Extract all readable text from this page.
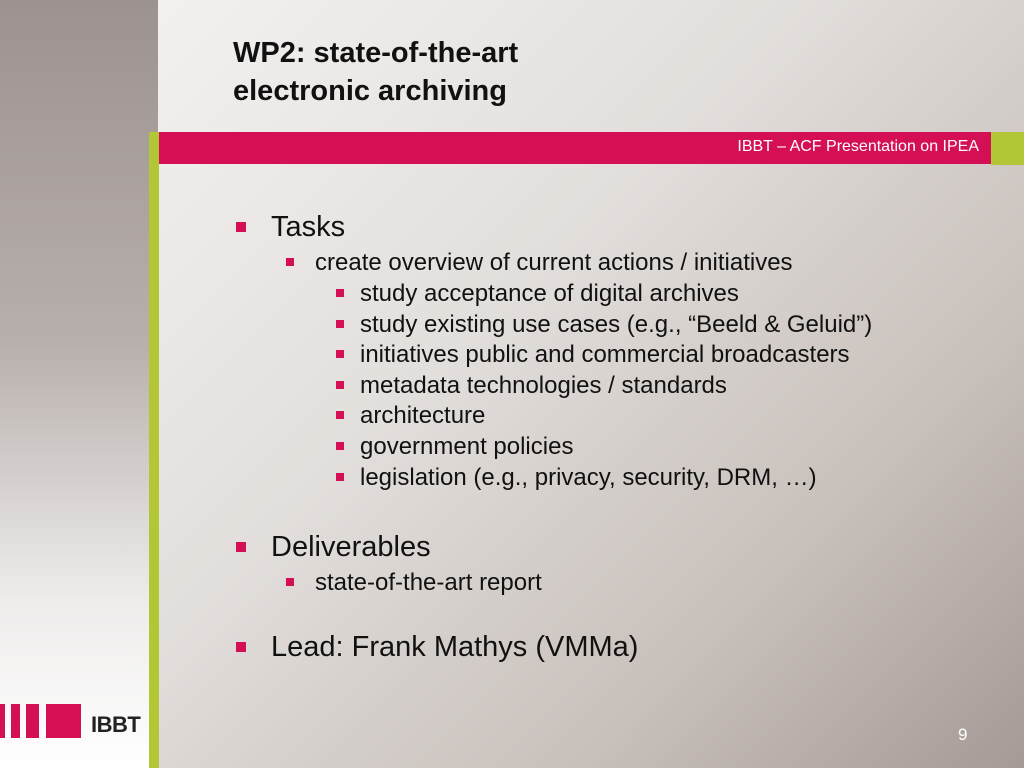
IBBT – ACF Presentation on IPEA
WP2: state-of-the-art
electronic archiving
Tasks
create overview of current actions / initiatives
study acceptance of digital archives
study existing use cases (e.g., “Beeld & Geluid”)
initiatives public and commercial broadcasters
metadata technologies / standards
architecture
government policies
legislation (e.g., privacy, security, DRM, …)
Deliverables
state-of-the-art report
Lead: Frank Mathys (VMMa)
IBBT	9
